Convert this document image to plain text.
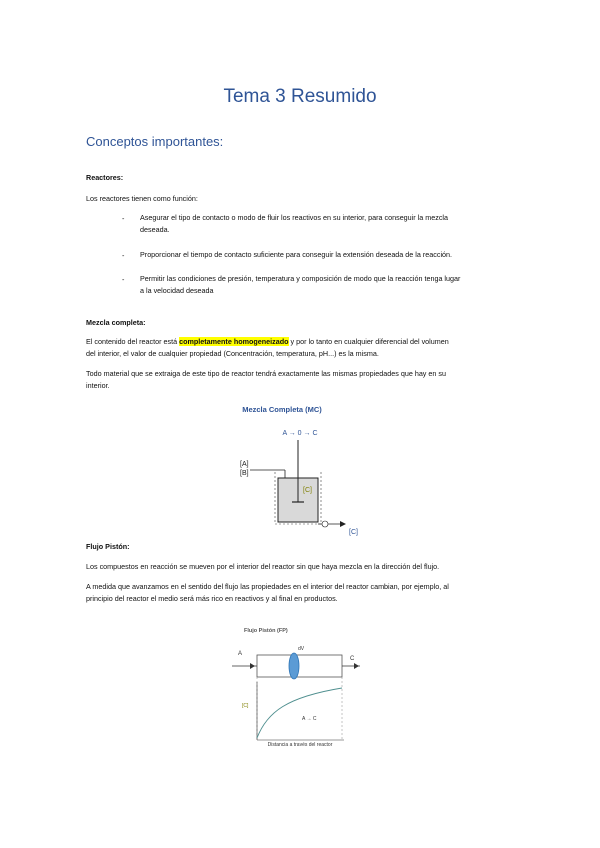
Tema 3 Resumido
Conceptos importantes:
Reactores:
Los reactores tienen como función:
- Asegurar el tipo de contacto o modo de fluir los reactivos en su interior, para conseguir la mezcla
deseada.
- Proporcionar el tiempo de contacto suficiente para conseguir la extensión deseada de la reacción.
- Permitir las condiciones de presión, temperatura y composición de modo que la reacción tenga lugar
a la velocidad deseada
Mezcla completa:
El contenido del reactor está completamente homogeneizado y por lo tanto en cualquier diferencial del volumen
del interior, el valor de cualquier propiedad (Concentración, temperatura, pH...) es la misma.
Todo material que se extraiga de este tipo de reactor tendrá exactamente las mismas propiedades que hay en su
interior.
Mezcla Completa (MC)
A → 0 → C
[A]
[B]
[C]
[C]
Flujo Pistón:
Los compuestos en reacción se mueven por el interior del reactor sin que haya mezcla en la dirección del flujo.
A medida que avanzamos en el sentido del flujo las propiedades en el interior del reactor cambian, por ejemplo, al
principio del reactor el medio será más rico en reactivos y al final en productos.
Flujo Pistón (FP)
A
C
dV
[C]
A → C
Distancia a través del reactor
